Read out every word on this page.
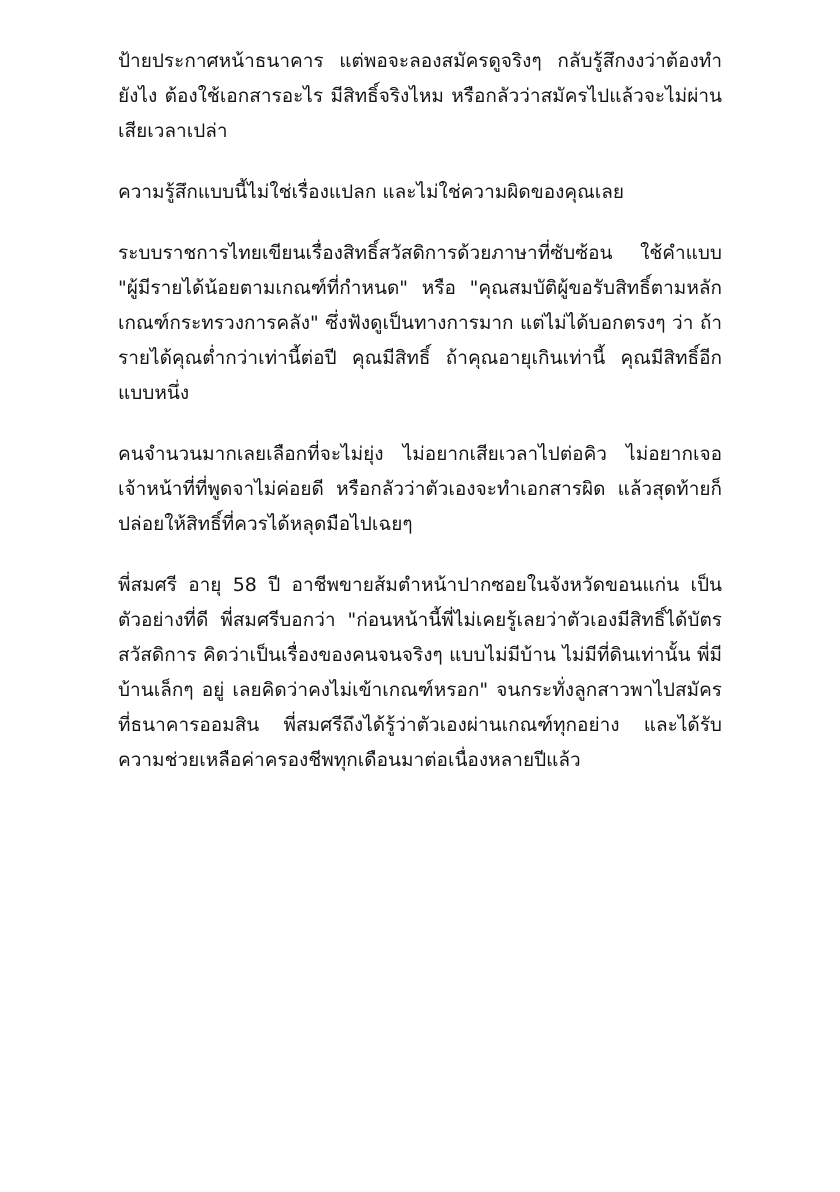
ป้ายประกาศหน้าธนาคาร แต่พอจะลองสมัครดูจริงๆ กลับรู้สึกงงว่าต้องทำยังไง ต้องใช้เอกสารอะไร มีสิทธิ์จริงไหม หรือกลัวว่าสมัครไปแล้วจะไม่ผ่าน เสียเวลาเปล่า

ความรู้สึกแบบนี้ไม่ใช่เรื่องแปลก และไม่ใช่ความผิดของคุณเลย

ระบบราชการไทยเขียนเรื่องสิทธิ์สวัสดิการด้วยภาษาที่ซับซ้อน ใช้คำแบบ "ผู้มีรายได้น้อยตามเกณฑ์ที่กำหนด" หรือ "คุณสมบัติผู้ขอรับสิทธิ์ตามหลักเกณฑ์กระทรวงการคลัง" ซึ่งฟังดูเป็นทางการมาก แต่ไม่ได้บอกตรงๆ ว่า ถ้ารายได้คุณต่ำกว่าเท่านี้ต่อปี คุณมีสิทธิ์ ถ้าคุณอายุเกินเท่านี้ คุณมีสิทธิ์อีกแบบหนึ่ง

คนจำนวนมากเลยเลือกที่จะไม่ยุ่ง ไม่อยากเสียเวลาไปต่อคิว ไม่อยากเจอเจ้าหน้าที่ที่พูดจาไม่ค่อยดี หรือกลัวว่าตัวเองจะทำเอกสารผิด แล้วสุดท้ายก็ปล่อยให้สิทธิ์ที่ควรได้หลุดมือไปเฉยๆ

พี่สมศรี อายุ 58 ปี อาชีพขายส้มตำหน้าปากซอยในจังหวัดขอนแก่น เป็นตัวอย่างที่ดี พี่สมศรีบอกว่า "ก่อนหน้านี้พี่ไม่เคยรู้เลยว่าตัวเองมีสิทธิ์ได้บัตรสวัสดิการ คิดว่าเป็นเรื่องของคนจนจริงๆ แบบไม่มีบ้าน ไม่มีที่ดินเท่านั้น พี่มีบ้านเล็กๆ อยู่ เลยคิดว่าคงไม่เข้าเกณฑ์หรอก" จนกระทั่งลูกสาวพาไปสมัครที่ธนาคารออมสิน พี่สมศรีถึงได้รู้ว่าตัวเองผ่านเกณฑ์ทุกอย่าง และได้รับความช่วยเหลือค่าครองชีพทุกเดือนมาต่อเนื่องหลายปีแล้ว
